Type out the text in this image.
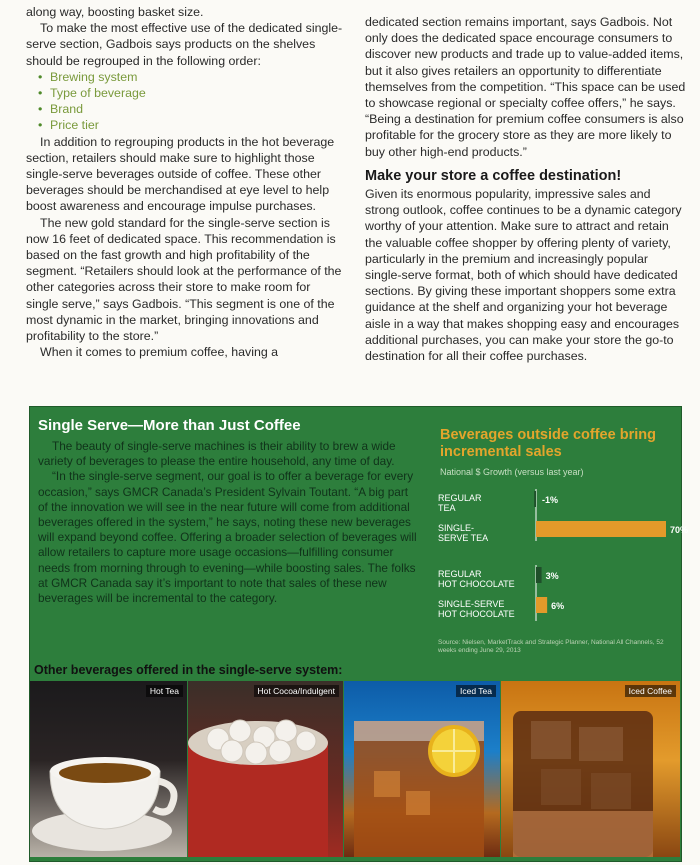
along way, boosting basket size.

To make the most effective use of the dedicated single-serve section, Gadbois says products on the shelves should be regrouped in the following order:

• Brewing system
• Type of beverage
• Brand
• Price tier

In addition to regrouping products in the hot beverage section, retailers should make sure to highlight those single-serve beverages outside of coffee. These other beverages should be merchandised at eye level to help boost awareness and encourage impulse purchases.

The new gold standard for the single-serve section is now 16 feet of dedicated space. This recommendation is based on the fast growth and high profitability of the segment. “Retailers should look at the performance of the other categories across their store to make room for single serve,” says Gadbois. “This segment is one of the most dynamic in the market, bringing innovations and profitability to the store.”

When it comes to premium coffee, having a

dedicated section remains important, says Gadbois. Not only does the dedicated space encourage consumers to discover new products and trade up to value-added items, but it also gives retailers an opportunity to differentiate themselves from the competition. “This space can be used to showcase regional or specialty coffee offers,” he says. “Being a destination for premium coffee consumers is also profitable for the grocery store as they are more likely to buy other high-end products.”

Make your store a coffee destination!

Given its enormous popularity, impressive sales and strong outlook, coffee continues to be a dynamic category worthy of your attention. Make sure to attract and retain the valuable coffee shopper by offering plenty of variety, particularly in the premium and increasingly popular single-serve format, both of which should have dedicated sections. By giving these important shoppers some extra guidance at the shelf and organizing your hot beverage aisle in a way that makes shopping easy and encourages additional purchases, you can make your store the go-to destination for all their coffee purchases.

Single Serve—More than Just Coffee

The beauty of single-serve machines is their ability to brew a wide variety of beverages to please the entire household, any time of day.

“In the single-serve segment, our goal is to offer a beverage for every occasion,” says GMCR Canada’s President Sylvain Toutant. “A big part of the innovation we will see in the near future will come from additional beverages offered in the system,” he says, noting these new beverages will expand beyond coffee. Offering a broader selection of beverages will allow retailers to capture more usage occasions—fulfilling consumer needs from morning through to evening—while boosting sales. The folks at GMCR Canada say it’s important to note that sales of these new beverages will be incremental to the category.

Beverages outside coffee bring incremental sales
National $ Growth (versus last year)
REGULAR
TEA
-1%
SINGLE-
SERVE TEA
70%
REGULAR
HOT CHOCOLATE
3%
SINGLE-SERVE
HOT CHOCOLATE
6%
Source: Nielsen, MarketTrack and Strategic Planner, National All Channels, 52 weeks ending June 29, 2013
Other beverages offered in the single-serve system:
Hot Tea	Hot Cocoa/Indulgent	Iced Tea	Iced Coffee
